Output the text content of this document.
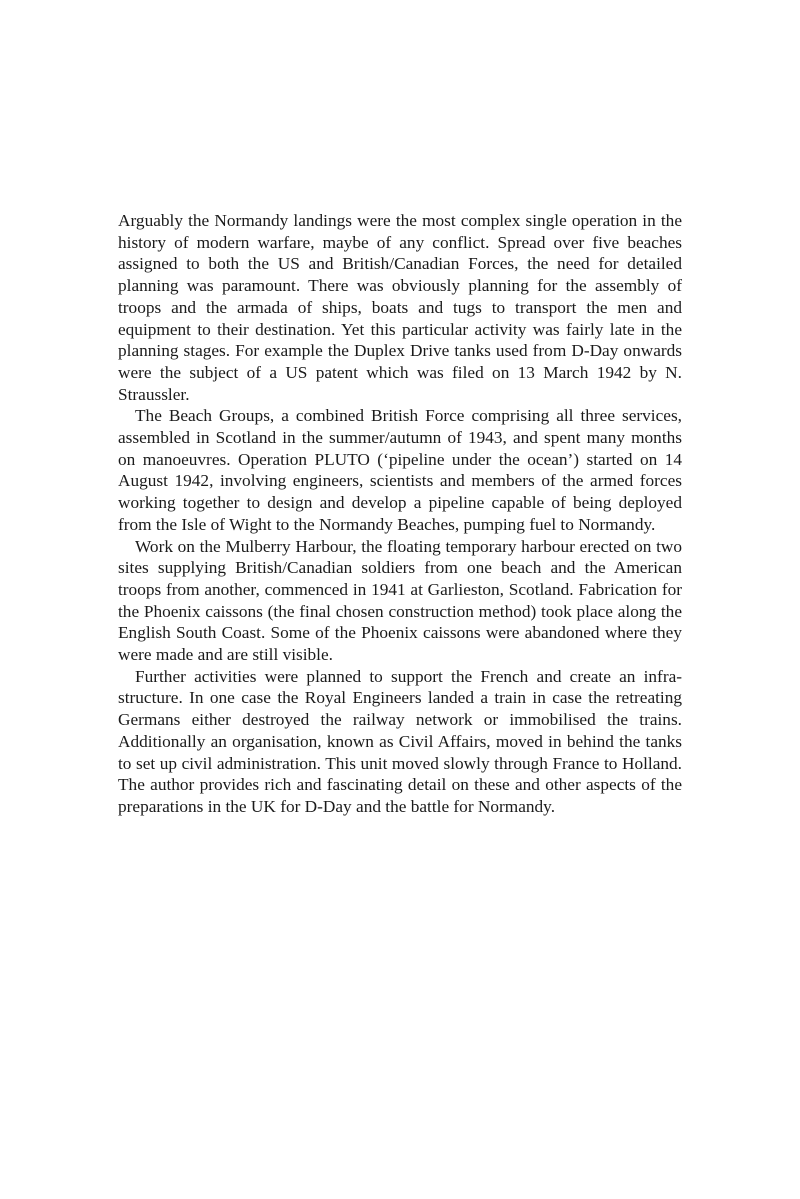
Arguably the Normandy landings were the most complex single operation in the history of modern warfare, maybe of any conflict. Spread over five beaches assigned to both the US and British/Canadian Forces, the need for detailed planning was paramount. There was obviously planning for the assembly of troops and the armada of ships, boats and tugs to transport the men and equipment to their destination. Yet this particular activity was fairly late in the planning stages. For example the Duplex Drive tanks used from D-Day onwards were the subject of a US patent which was filed on 13 March 1942 by N. Straussler.

The Beach Groups, a combined British Force comprising all three services, assembled in Scotland in the summer/autumn of 1943, and spent many months on manoeuvres. Operation PLUTO (‘pipeline under the ocean’) started on 14 August 1942, involving engineers, scientists and members of the armed forces working together to design and develop a pipeline capable of being deployed from the Isle of Wight to the Normandy Beaches, pumping fuel to Normandy.

Work on the Mulberry Harbour, the floating temporary harbour erected on two sites supplying British/Canadian soldiers from one beach and the American troops from another, commenced in 1941 at Garlieston, Scotland. Fabrication for the Phoenix caissons (the final chosen construction method) took place along the English South Coast. Some of the Phoenix caissons were abandoned where they were made and are still visible.

Further activities were planned to support the French and create an infra-structure. In one case the Royal Engineers landed a train in case the retreating Germans either destroyed the railway network or immobilised the trains. Additionally an organisation, known as Civil Affairs, moved in behind the tanks to set up civil administration. This unit moved slowly through France to Holland. The author provides rich and fascinating detail on these and other aspects of the preparations in the UK for D-Day and the battle for Normandy.
